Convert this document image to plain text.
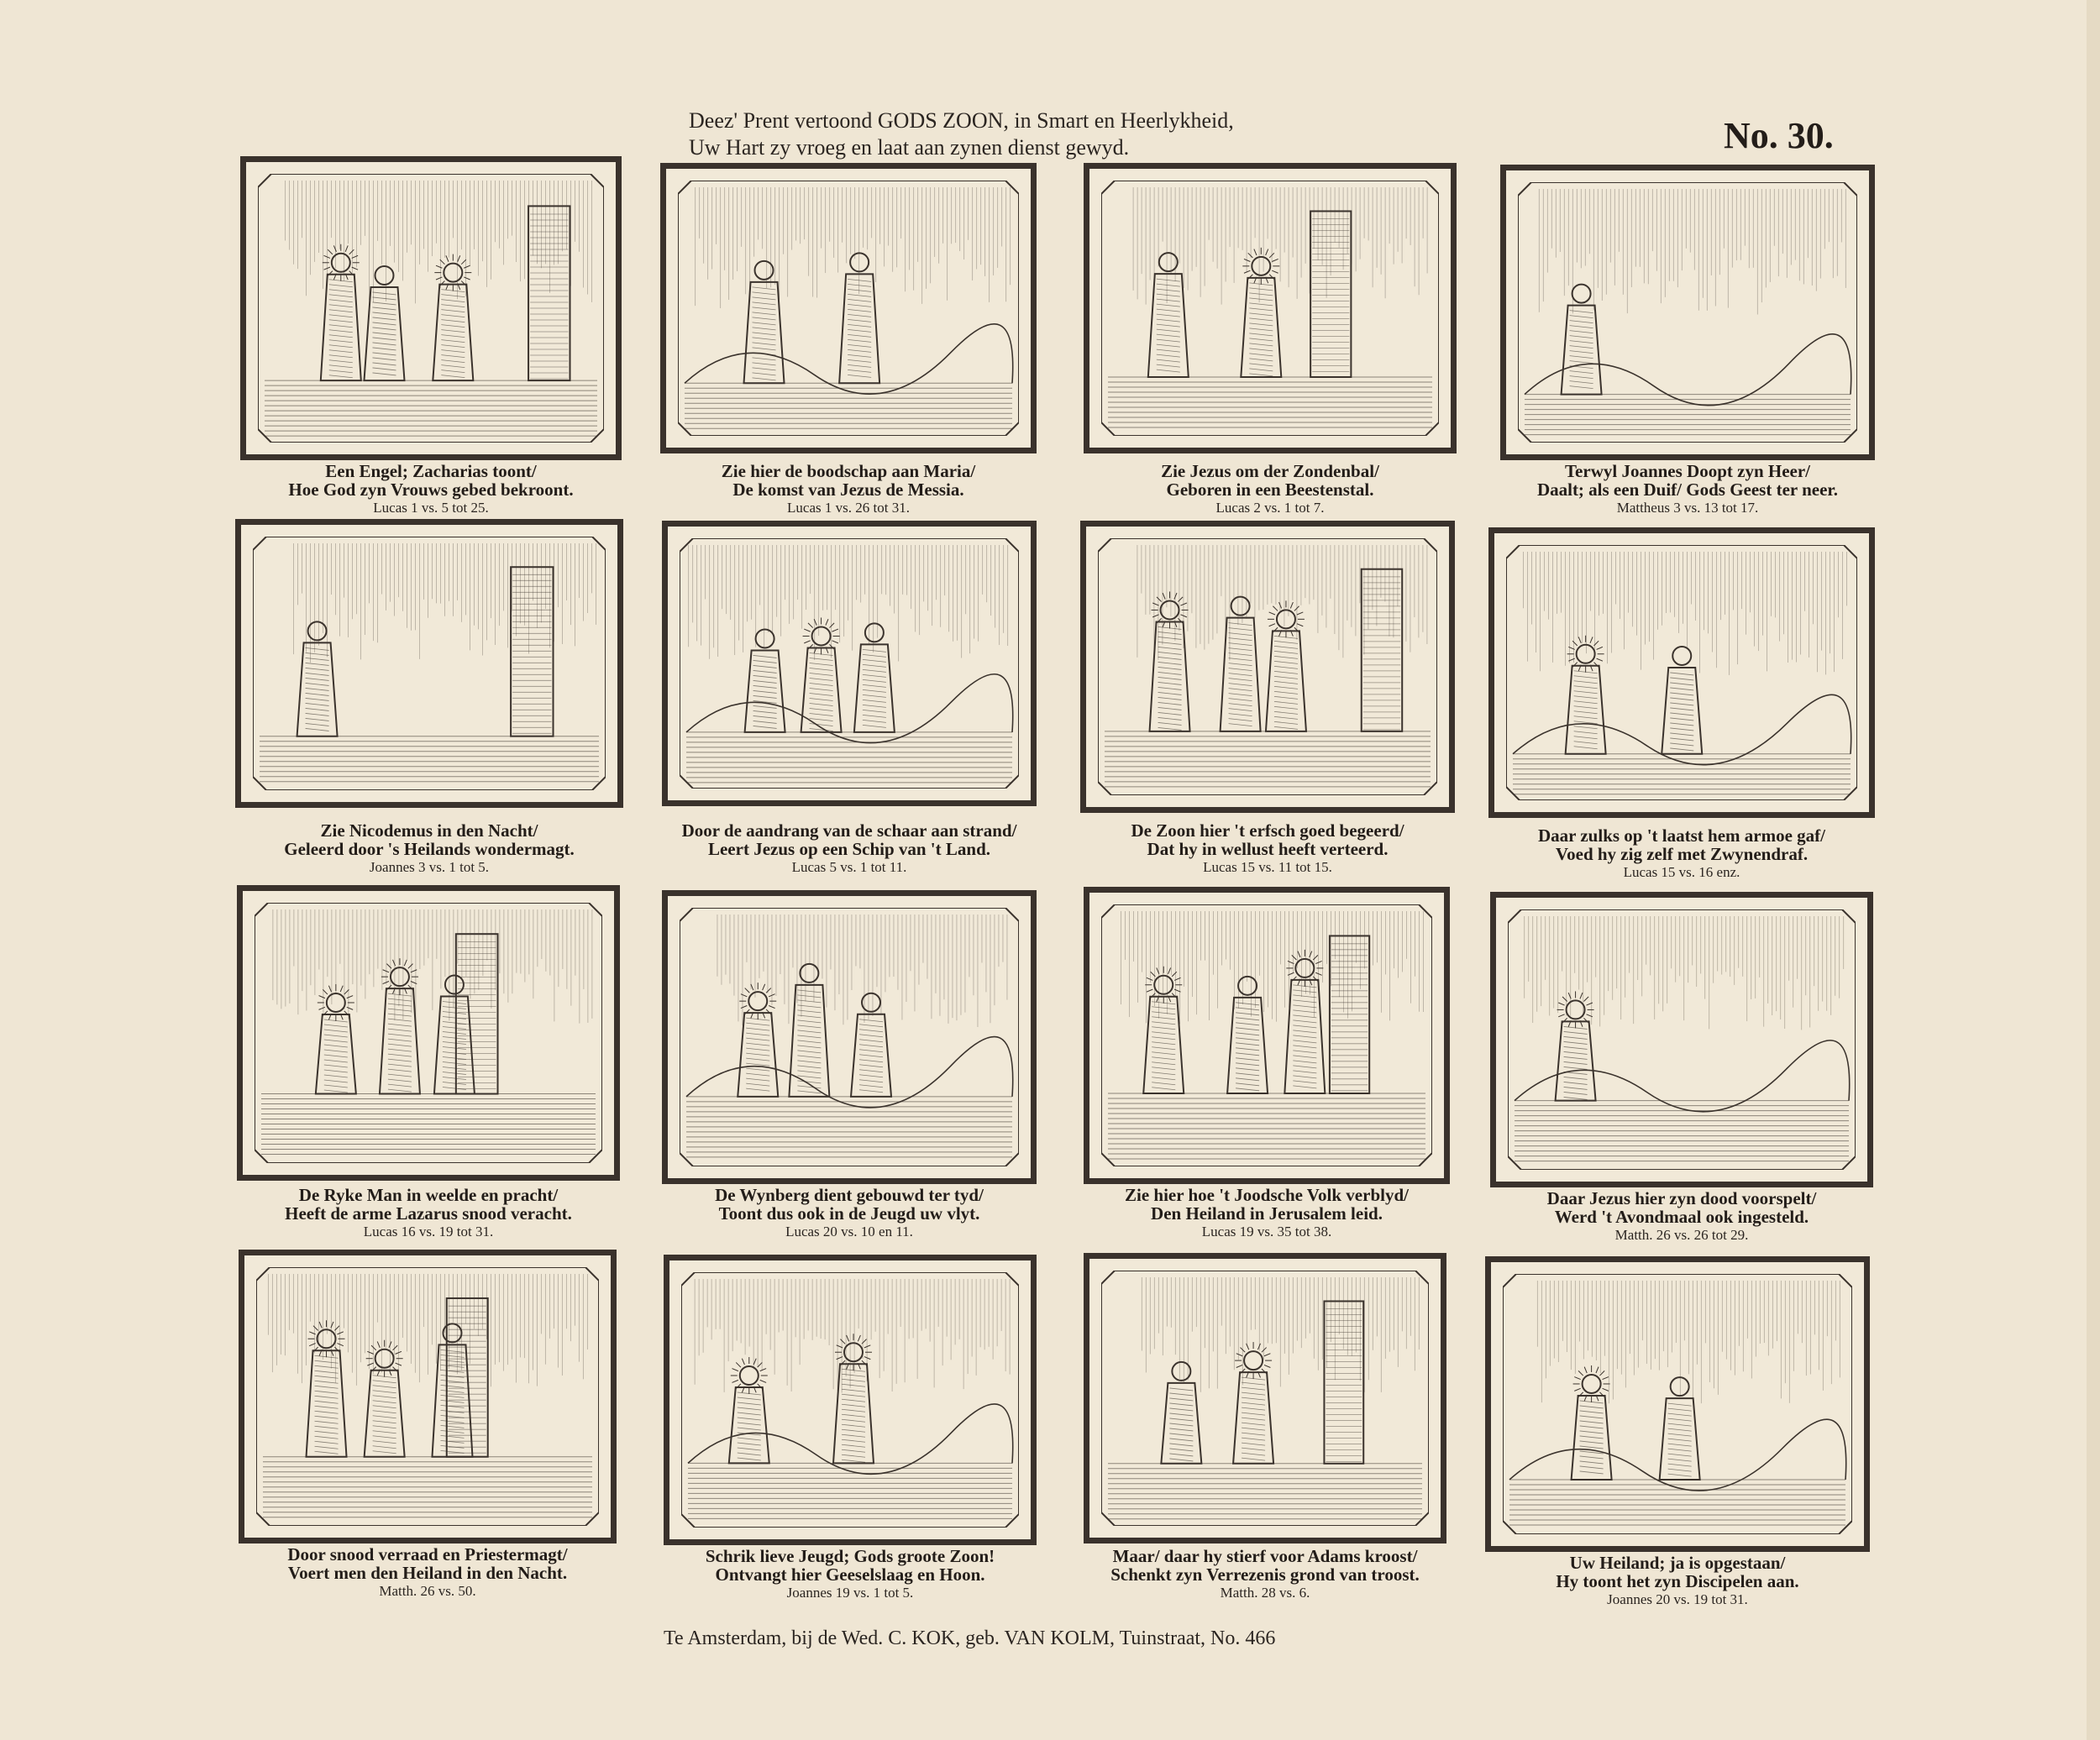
Deez' Prent vertoond GODS ZOON, in Smart en Heerlykheid,
Uw Hart zy vroeg en laat aan zynen dienst gewyd.	No. 30.
Een Engel; Zacharias toont/
Hoe God zyn Vrouws gebed bekroont.
Lucas 1 vs. 5 tot 25.
Zie hier de boodschap aan Maria/
De komst van Jezus de Messia.
Lucas 1 vs. 26 tot 31.
Zie Jezus om der Zondenbal/
Geboren in een Beestenstal.
Lucas 2 vs. 1 tot 7.
Terwyl Joannes Doopt zyn Heer/
Daalt; als een Duif/ Gods Geest ter neer.
Mattheus 3 vs. 13 tot 17.
Zie Nicodemus in den Nacht/
Geleerd door 's Heilands wondermagt.
Joannes 3 vs. 1 tot 5.
Door de aandrang van de schaar aan strand/
Leert Jezus op een Schip van 't Land.
Lucas 5 vs. 1 tot 11.
De Zoon hier 't erfsch goed begeerd/
Dat hy in wellust heeft verteerd.
Lucas 15 vs. 11 tot 15.
Daar zulks op 't laatst hem armoe gaf/
Voed hy zig zelf met Zwynendraf.
Lucas 15 vs. 16 enz.
De Ryke Man in weelde en pracht/
Heeft de arme Lazarus snood veracht.
Lucas 16 vs. 19 tot 31.
De Wynberg dient gebouwd ter tyd/
Toont dus ook in de Jeugd uw vlyt.
Lucas 20 vs. 10 en 11.
Zie hier hoe 't Joodsche Volk verblyd/
Den Heiland in Jerusalem leid.
Lucas 19 vs. 35 tot 38.
Daar Jezus hier zyn dood voorspelt/
Werd 't Avondmaal ook ingesteld.
Matth. 26 vs. 26 tot 29.
Door snood verraad en Priestermagt/
Voert men den Heiland in den Nacht.
Matth. 26 vs. 50.
Schrik lieve Jeugd; Gods groote Zoon!
Ontvangt hier Geeselslaag en Hoon.
Joannes 19 vs. 1 tot 5.
Maar/ daar hy stierf voor Adams kroost/
Schenkt zyn Verrezenis grond van troost.
Matth. 28 vs. 6.
Uw Heiland; ja is opgestaan/
Hy toont het zyn Discipelen aan.
Joannes 20 vs. 19 tot 31.
Te Amsterdam, bij de Wed. C. KOK, geb. VAN KOLM, Tuinstraat, No. 466
